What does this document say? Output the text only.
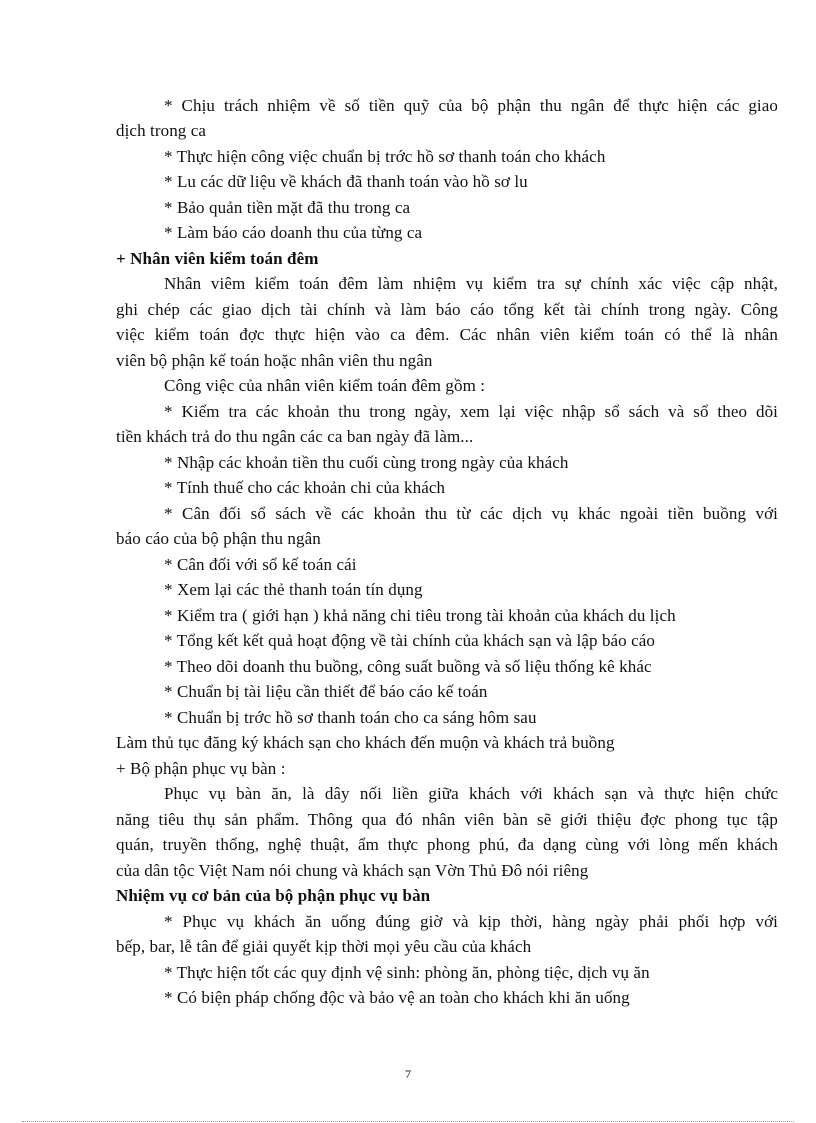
* Chịu trách nhiệm về số tiền quỹ của bộ phận thu ngân để thực hiện các giao
dịch trong ca
* Thực hiện công việc chuẩn bị trớc hồ sơ thanh toán cho khách
* Lu các dữ liệu về khách đã thanh toán vào hồ sơ lu
* Bảo quản tiền mặt đã thu trong ca
* Làm báo cáo doanh thu của từng ca
+ Nhân viên kiểm toán đêm
Nhân viêm kiểm toán đêm làm nhiệm vụ kiểm tra sự chính xác việc cập nhật,
ghi chép các giao dịch tài chính và làm báo cáo tổng kết tài chính trong ngày. Công
việc kiểm toán đợc thực hiện vào ca đêm. Các nhân viên kiểm toán có thể là nhân
viên bộ phận kế toán hoặc nhân viên thu ngân
Công việc của nhân viên kiểm toán đêm gồm :
* Kiểm tra các khoản thu trong ngày, xem lại việc nhập sổ sách và sổ theo dõi
tiền khách trả do thu ngân các ca ban ngày đã làm...
* Nhập các khoản tiền thu cuối cùng trong ngày của khách
* Tính thuế cho các khoản chi của khách
* Cân đối sổ sách về các khoản thu từ các dịch vụ khác ngoài tiền buồng với
báo cáo của bộ phận thu ngân
* Cân đối với sổ kế toán cái
* Xem lại các thẻ thanh toán tín dụng
* Kiểm tra ( giới hạn ) khả năng chi tiêu trong tài khoản của khách du lịch
* Tổng kết kết quả hoạt động về tài chính của khách sạn và lập báo cáo
* Theo dõi doanh thu buồng, công suất buồng và số liệu thống kê khác
* Chuẩn bị tài liệu cần thiết để báo cáo kế toán
* Chuẩn bị trớc hồ sơ thanh toán cho ca sáng hôm sau
Làm thủ tục đăng ký khách sạn cho khách đến muộn và khách trả buồng
+ Bộ phận phục vụ bàn :
Phục vụ bàn ăn, là dây nối liền giữa khách với khách sạn và thực hiện chức
năng tiêu thụ sản phẩm. Thông qua đó nhân viên bàn sẽ giới thiệu đợc phong tục tập
quán, truyền thống, nghệ thuật, ẩm thực phong phú, đa dạng cùng với lòng mến khách
của dân tộc Việt Nam nói chung và khách sạn Vờn Thủ Đô nói riêng
Nhiệm vụ cơ bản của bộ phận phục vụ bàn
* Phục vụ khách ăn uống đúng giờ và kịp thời, hàng ngày phải phối hợp với
bếp, bar, lễ tân để giải quyết kịp thời mọi yêu cầu của khách
* Thực hiện tốt các quy định vệ sinh: phòng ăn, phòng tiệc, dịch vụ ăn
* Có biện pháp chống độc và bảo vệ an toàn cho khách khi ăn uống
7
